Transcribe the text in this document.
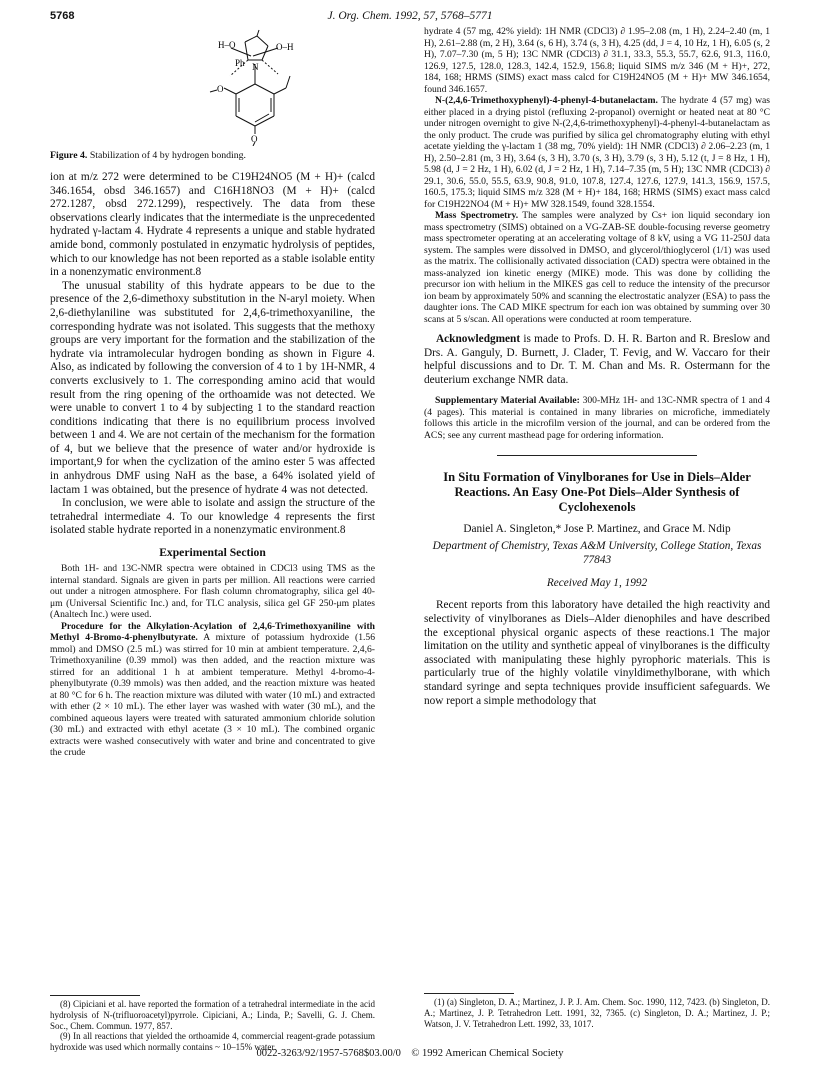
5768	J. Org. Chem. 1992, 57, 5768–5771
H–O	O–H
Ph N
O
O

Figure 4. Stabilization of 4 by hydrogen bonding.

ion at m/z 272 were determined to be C19H24NO5 (M + H)+ (calcd 346.1654, obsd 346.1657) and C16H18NO3 (M + H)+ (calcd 272.1287, obsd 272.1299), respectively. The data from these observations clearly indicates that the intermediate is the unprecedented hydrated γ-lactam 4. Hydrate 4 represents a unique and stable hydrated amide bond, commonly postulated in enzymatic hydrolysis of peptides, which to our knowledge has not been reported as a stable isolable entity in a nonenzymatic environment.8

The unusual stability of this hydrate appears to be due to the presence of the 2,6-dimethoxy substitution in the N-aryl moiety. When 2,6-diethylaniline was substituted for 2,4,6-trimethoxyaniline, the corresponding hydrate was not isolated. This suggests that the methoxy groups are very important for the formation and the stabilization of the hydrate via intramolecular hydrogen bonding as shown in Figure 4. Also, as indicated by following the conversion of 4 to 1 by 1H-NMR, 4 converts exclusively to 1. The corresponding amino acid that would result from the ring opening of the orthoamide was not detected. We were unable to convert 1 to 4 by subjecting 1 to the standard reaction conditions indicating that there is no equilibrium process involved between 1 and 4. We are not certain of the mechanism for the formation of 4, but we believe that the presence of water and/or hydroxide is important,9 for when the cyclization of the amino ester 5 was affected in anhydrous DMF using NaH as the base, a 64% isolated yield of lactam 1 was obtained, but the presence of hydrate 4 was not detected.

In conclusion, we were able to isolate and assign the structure of the tetrahedral intermediate 4. To our knowledge 4 represents the first isolated stable hydrate reported in a nonenzymatic environment.8

Experimental Section

Both 1H- and 13C-NMR spectra were obtained in CDCl3 using TMS as the internal standard. Signals are given in parts per million. All reactions were carried out under a nitrogen atmosphere. For flash column chromatography, silica gel 40-μm (Universal Scientific Inc.) and, for TLC analysis, silica gel GF 250-μm plates (Analtech Inc.) were used.

Procedure for the Alkylation-Acylation of 2,4,6-Trimethoxyaniline with Methyl 4-Bromo-4-phenylbutyrate. A mixture of potassium hydroxide (1.56 mmol) and DMSO (2.5 mL) was stirred for 10 min at ambient temperature. 2,4,6-Trimethoxyaniline (0.39 mmol) was then added, and the reaction mixture was stirred for an additional 1 h at ambient temperature. Methyl 4-bromo-4-phenylbutyrate (0.39 mmols) was then added, and the reaction mixture was heated at 80 °C for 6 h. The reaction mixture was diluted with water (10 mL) and extracted with ether (2 × 10 mL). The ether layer was washed with water (30 mL), and the combined aqueous layers were treated with saturated ammonium chloride solution (30 mL) and extracted with ethyl acetate (3 × 10 mL). The combined organic extracts were washed consecutively with water and brine and concentrated to give the crude

(8) Cipiciani et al. have reported the formation of a tetrahedral intermediate in the acid hydrolysis of N-(trifluoroacetyl)pyrrole. Cipiciani, A.; Linda, P.; Savelli, G. J. Chem. Soc., Chem. Commun. 1977, 857.

(9) In all reactions that yielded the orthoamide 4, commercial reagent-grade potassium hydroxide was used which normally contains ~ 10–15% water.

hydrate 4 (57 mg, 42% yield): 1H NMR (CDCl3) ∂ 1.95–2.08 (m, 1 H), 2.24–2.40 (m, 1 H), 2.61–2.88 (m, 2 H), 3.64 (s, 6 H), 3.74 (s, 3 H), 4.25 (dd, J = 4, 10 Hz, 1 H), 6.05 (s, 2 H), 7.07–7.30 (m, 5 H); 13C NMR (CDCl3) ∂ 31.1, 33.3, 55.3, 55.7, 62.6, 91.3, 116.0, 126.9, 127.5, 128.0, 128.3, 142.4, 152.9, 156.8; liquid SIMS m/z 346 (M + H)+, 272, 184, 168; HRMS (SIMS) exact mass calcd for C19H24NO5 (M + H)+ MW 346.1654, found 346.1657.

N-(2,4,6-Trimethoxyphenyl)-4-phenyl-4-butanelactam. The hydrate 4 (57 mg) was either placed in a drying pistol (refluxing 2-propanol) overnight or heated neat at 80 °C under nitrogen overnight to give N-(2,4,6-trimethoxyphenyl)-4-phenyl-4-butanelactam as the only product. The crude was purified by silica gel chromatography eluting with ethyl acetate yielding the γ-lactam 1 (38 mg, 70% yield): 1H NMR (CDCl3) ∂ 2.06–2.23 (m, 1 H), 2.50–2.81 (m, 3 H), 3.64 (s, 3 H), 3.70 (s, 3 H), 3.79 (s, 3 H), 5.12 (t, J = 8 Hz, 1 H), 5.98 (d, J = 2 Hz, 1 H), 6.02 (d, J = 2 Hz, 1 H), 7.14–7.35 (m, 5 H); 13C NMR (CDCl3) ∂ 29.1, 30.6, 55.0, 55.5, 63.9, 90.8, 91.0, 107.8, 127.4, 127.6, 127.9, 141.3, 156.9, 157.5, 160.5, 175.3; liquid SIMS m/z 328 (M + H)+ 184, 168; HRMS (SIMS) exact mass calcd for C19H22NO4 (M + H)+ MW 328.1549, found 328.1554.

Mass Spectrometry. The samples were analyzed by Cs+ ion liquid secondary ion mass spectrometry (SIMS) obtained on a VG-ZAB-SE double-focusing reverse geometry mass spectrometer operating at an accelerating voltage of 8 kV, using a VG 11-250J data system. The samples were dissolved in DMSO, and glycerol/thioglycerol (1/1) was used as the matrix. The collisionally activated dissociation (CAD) spectra were obtained in the mass-analyzed ion kinetic energy (MIKE) mode. This was done by colliding the precursor ion with helium in the MIKES gas cell to reduce the intensity of the precursor ion beam by approximately 50% and scanning the electrostatic analyzer (ESA) to pass the daughter ions. The CAD MIKE spectrum for each ion was obtained by summing over 30 scans at 5 s/scan. All operations were conducted at room temperature.

Acknowledgment is made to Profs. D. H. R. Barton and R. Breslow and Drs. A. Ganguly, D. Burnett, J. Clader, T. Fevig, and W. Vaccaro for their helpful discussions and to Dr. T. M. Chan and Ms. R. Ostermann for the deuterium exchange NMR data.

Supplementary Material Available: 300-MHz 1H- and 13C-NMR spectra of 1 and 4 (4 pages). This material is contained in many libraries on microfiche, immediately follows this article in the microfilm version of the journal, and can be ordered from the ACS; see any current masthead page for ordering information.

In Situ Formation of Vinylboranes for Use in Diels–Alder Reactions. An Easy One-Pot Diels–Alder Synthesis of Cyclohexenols

Daniel A. Singleton,* Jose P. Martinez, and Grace M. Ndip

Department of Chemistry, Texas A&M University, College Station, Texas 77843

Received May 1, 1992

Recent reports from this laboratory have detailed the high reactivity and selectivity of vinylboranes as Diels–Alder dienophiles and have described the exceptional physical organic aspects of these reactions.1 The major limitation on the utility and synthetic appeal of vinylboranes is the difficulty associated with manipulating these highly pyrophoric materials. This is particularly true of the highly volatile vinyldimethylborane, with which standard syringe and septa techniques provide insufficient safeguards. We now report a simple methodology that

(1) (a) Singleton, D. A.; Martinez, J. P. J. Am. Chem. Soc. 1990, 112, 7423. (b) Singleton, D. A.; Martinez, J. P. Tetrahedron Lett. 1991, 32, 7365. (c) Singleton, D. A.; Martinez, J. P.; Watson, J. V. Tetrahedron Lett. 1992, 33, 1017.

0022-3263/92/1957-5768$03.00/0 © 1992 American Chemical Society
